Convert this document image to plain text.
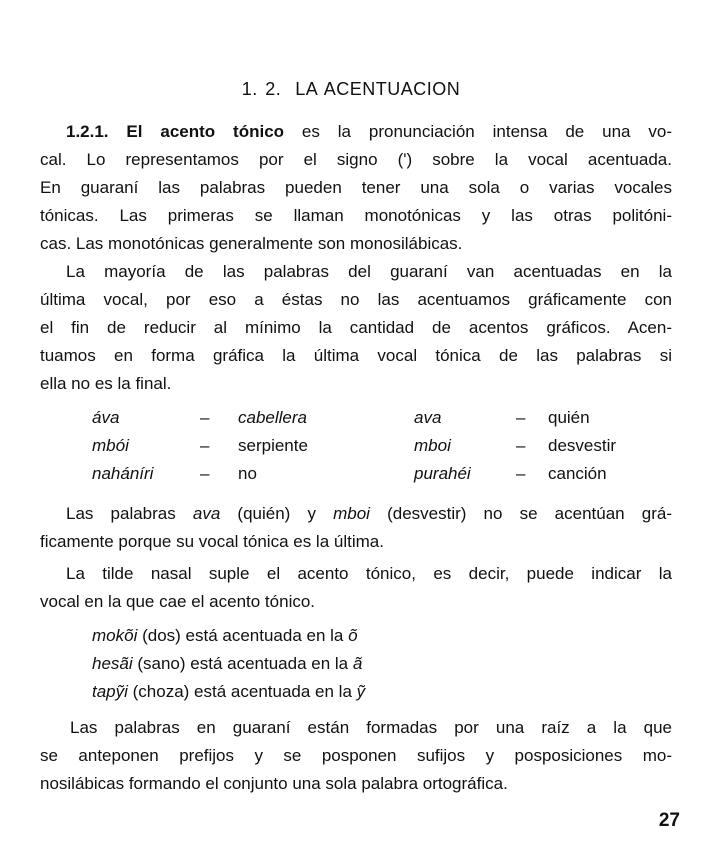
1. 2. LA ACENTUACION
1.2.1. El acento tónico es la pronunciación intensa de una vo-
cal. Lo representamos por el signo (') sobre la vocal acentuada.
En guaraní las palabras pueden tener una sola o varias vocales
tónicas. Las primeras se llaman monotónicas y las otras politóni-
cas. Las monotónicas generalmente son monosilábicas.
La mayoría de las palabras del guaraní van acentuadas en la
última vocal, por eso a éstas no las acentuamos gráficamente con
el fin de reducir al mínimo la cantidad de acentos gráficos. Acen-
tuamos en forma gráfica la última vocal tónica de las palabras si
ella no es la final.
áva	– cabellera	ava	– quién
mbói	– serpiente	mboi	– desvestir
naháníri	– no	purahéi	– canción
Las palabras ava (quién) y mboi (desvestir) no se acentúan grá-
ficamente porque su vocal tónica es la última.
La tilde nasal suple el acento tónico, es decir, puede indicar la
vocal en la que cae el acento tónico.
mokõi (dos) está acentuada en la õ
hesãi (sano) está acentuada en la ã
tapỹi (choza) está acentuada en la ỹ
Las palabras en guaraní están formadas por una raíz a la que
se anteponen prefijos y se posponen sufijos y posposiciones mo-
nosilábicas formando el conjunto una sola palabra ortográfica.
27
